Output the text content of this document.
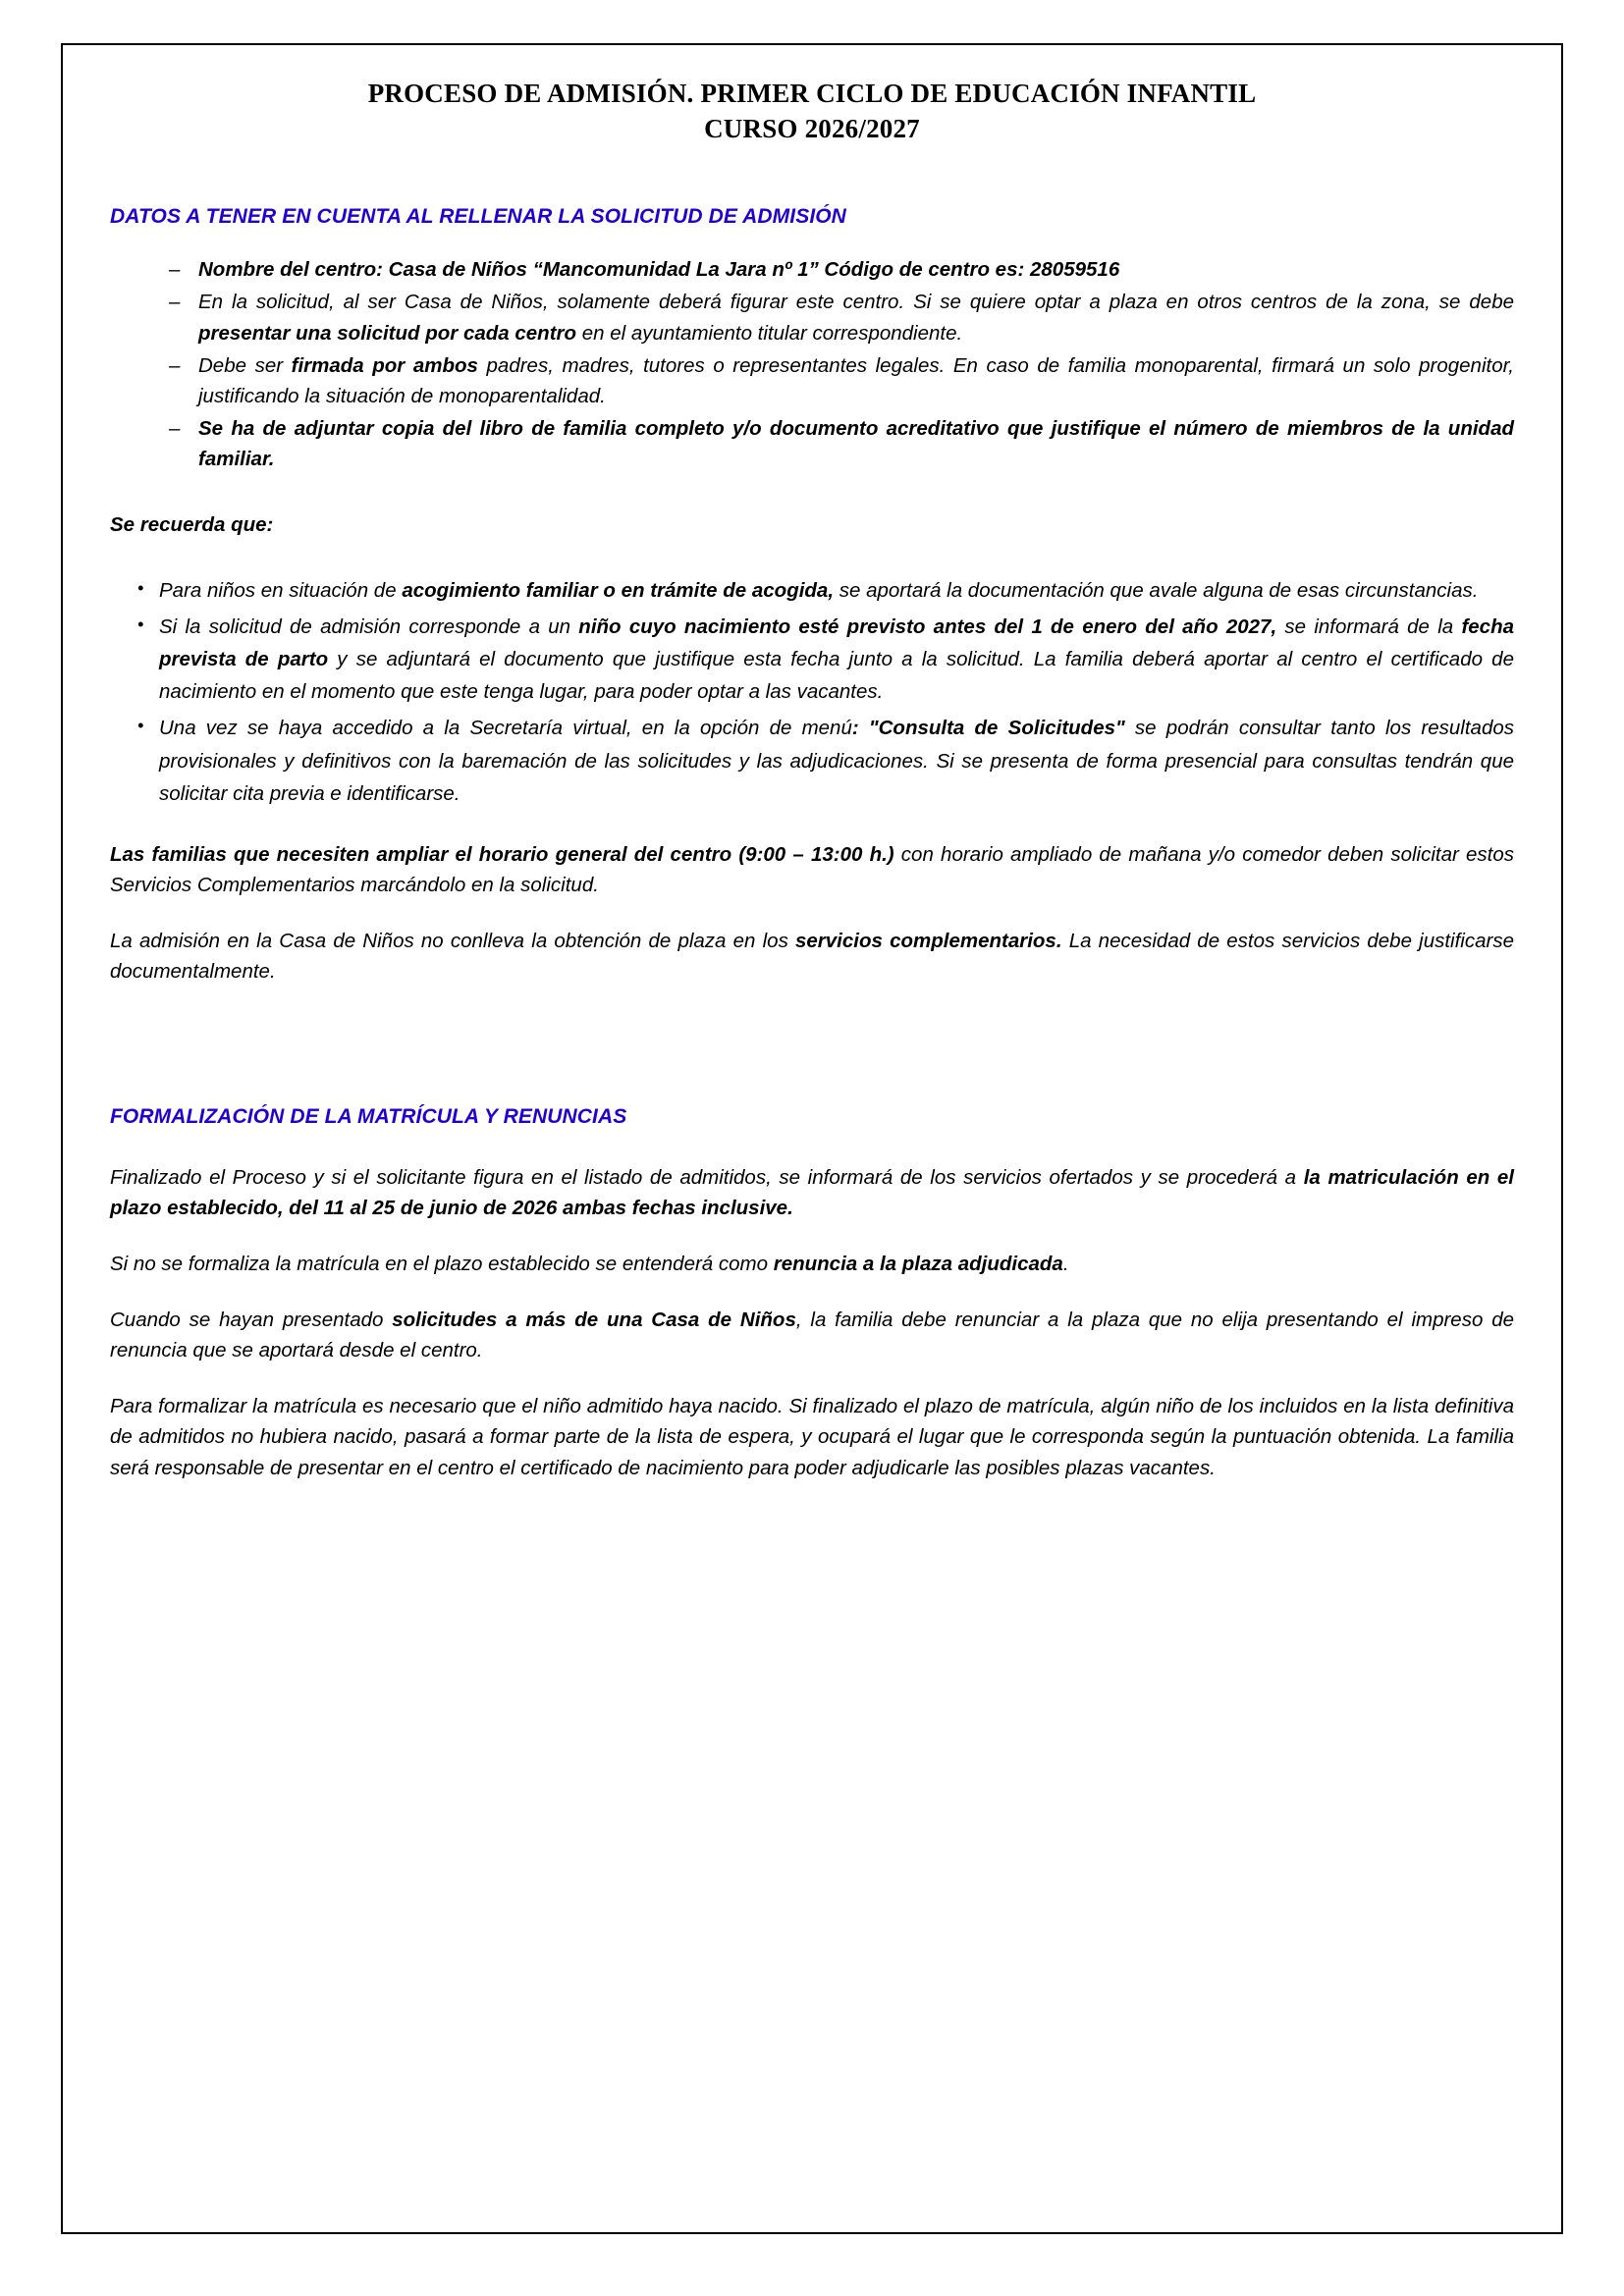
PROCESO DE ADMISIÓN. PRIMER CICLO DE EDUCACIÓN INFANTIL
CURSO 2026/2027
DATOS A TENER EN CUENTA AL RELLENAR LA SOLICITUD DE ADMISIÓN
– Nombre del centro: Casa de Niños “Mancomunidad La Jara nº 1” Código de centro es: 28059516
– En la solicitud, al ser Casa de Niños, solamente deberá figurar este centro. Si se quiere optar a plaza en otros centros de la zona, se debe presentar una solicitud por cada centro en el ayuntamiento titular correspondiente.
– Debe ser firmada por ambos padres, madres, tutores o representantes legales. En caso de familia monoparental, firmará un solo progenitor, justificando la situación de monoparentalidad.
– Se ha de adjuntar copia del libro de familia completo y/o documento acreditativo que justifique el número de miembros de la unidad familiar.

Se recuerda que:

• Para niños en situación de acogimiento familiar o en trámite de acogida, se aportará la documentación que avale alguna de esas circunstancias.
• Si la solicitud de admisión corresponde a un niño cuyo nacimiento esté previsto antes del 1 de enero del año 2027, se informará de la fecha prevista de parto y se adjuntará el documento que justifique esta fecha junto a la solicitud. La familia deberá aportar al centro el certificado de nacimiento en el momento que este tenga lugar, para poder optar a las vacantes.
• Una vez se haya accedido a la Secretaría virtual, en la opción de menú: "Consulta de Solicitudes" se podrán consultar tanto los resultados provisionales y definitivos con la baremación de las solicitudes y las adjudicaciones. Si se presenta de forma presencial para consultas tendrán que solicitar cita previa e identificarse.

Las familias que necesiten ampliar el horario general del centro (9:00 – 13:00 h.) con horario ampliado de mañana y/o comedor deben solicitar estos Servicios Complementarios marcándolo en la solicitud.

La admisión en la Casa de Niños no conlleva la obtención de plaza en los servicios complementarios. La necesidad de estos servicios debe justificarse documentalmente.

FORMALIZACIÓN DE LA MATRÍCULA Y RENUNCIAS

Finalizado el Proceso y si el solicitante figura en el listado de admitidos, se informará de los servicios ofertados y se procederá a la matriculación en el plazo establecido, del 11 al 25 de junio de 2026 ambas fechas inclusive.

Si no se formaliza la matrícula en el plazo establecido se entenderá como renuncia a la plaza adjudicada.

Cuando se hayan presentado solicitudes a más de una Casa de Niños, la familia debe renunciar a la plaza que no elija presentando el impreso de renuncia que se aportará desde el centro.

Para formalizar la matrícula es necesario que el niño admitido haya nacido. Si finalizado el plazo de matrícula, algún niño de los incluidos en la lista definitiva de admitidos no hubiera nacido, pasará a formar parte de la lista de espera, y ocupará el lugar que le corresponda según la puntuación obtenida. La familia será responsable de presentar en el centro el certificado de nacimiento para poder adjudicarle las posibles plazas vacantes.
